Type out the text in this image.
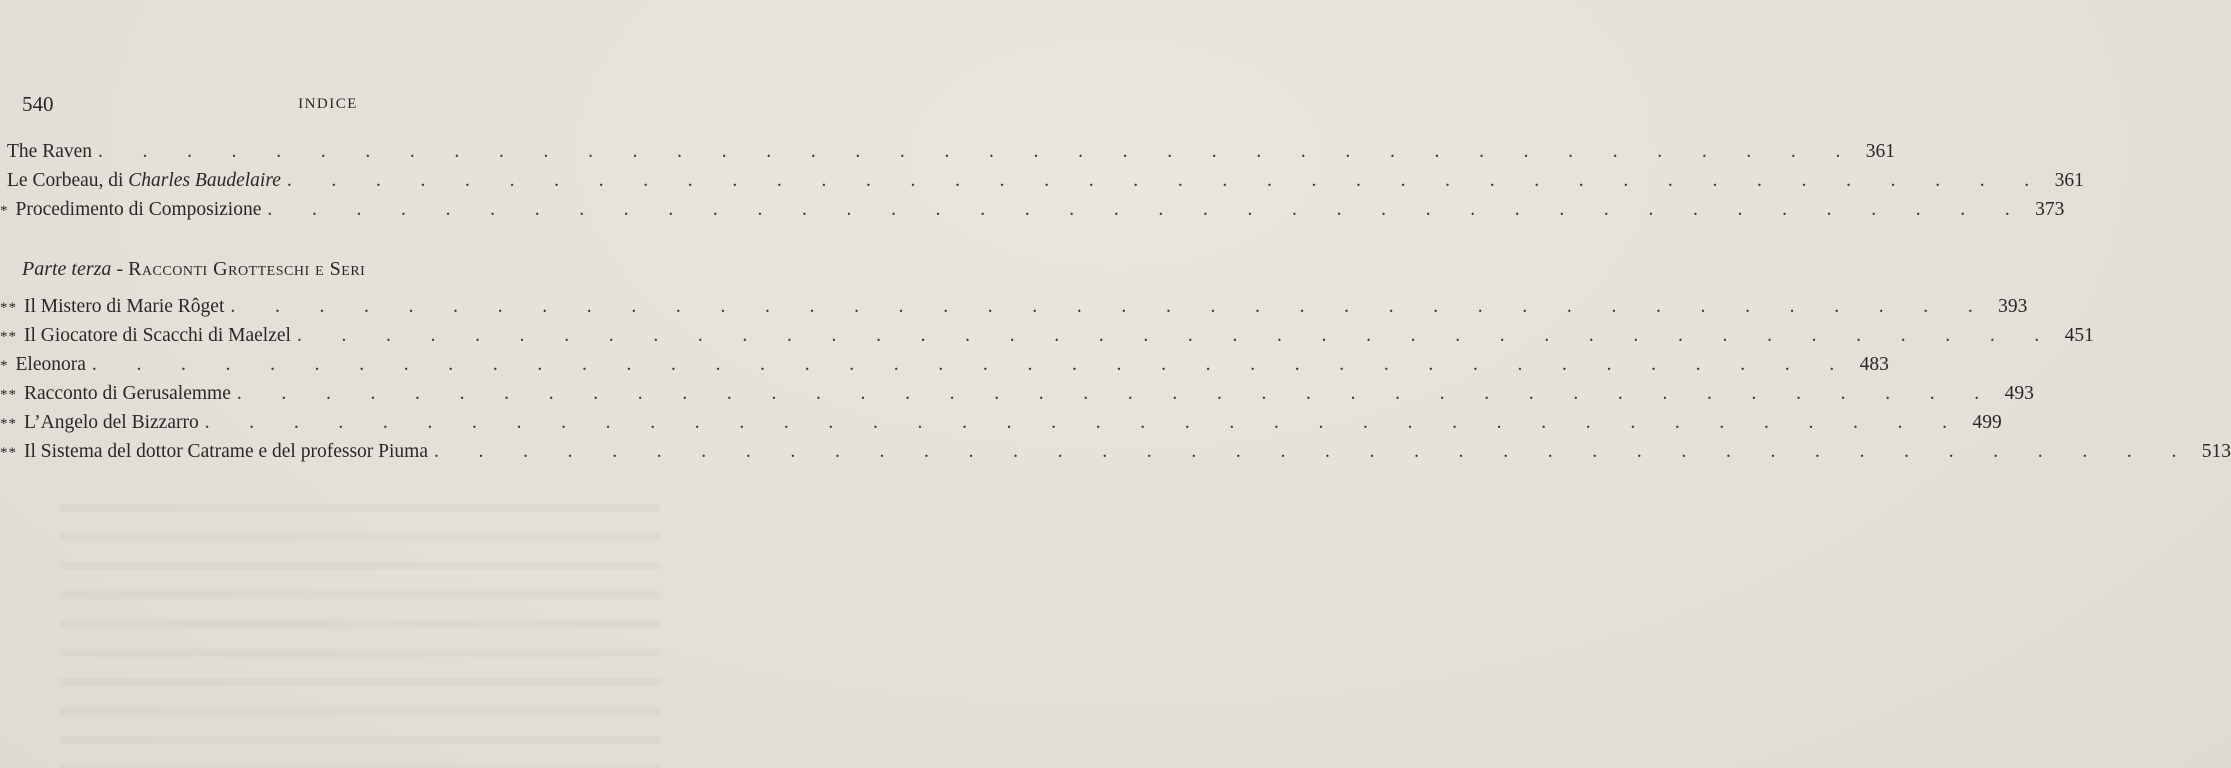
540	INDICE
The Raven . . . . . . . . . . . . . . . . . . . . . . . . . . . . . . . . . . . . . . . . 361
Le Corbeau, di Charles Baudelaire . . . . . . . . . . . . . . . . . . . . . . . . . . . . . . . . . . . . . . . . 361
* Procedimento di Composizione . . . . . . . . . . . . . . . . . . . . . . . . . . . . . . . . . . . . . . . . 373
Parte terza - Racconti Grotteschi e Seri
** Il Mistero di Marie Rôget . . . . . . . . . . . . . . . . . . . . . . . . . . . . . . . . . . . . . . . . 393
** Il Giocatore di Scacchi di Maelzel . . . . . . . . . . . . . . . . . . . . . . . . . . . . . . . . . . . . . . . . 451
* Eleonora . . . . . . . . . . . . . . . . . . . . . . . . . . . . . . . . . . . . . . . . 483
** Racconto di Gerusalemme . . . . . . . . . . . . . . . . . . . . . . . . . . . . . . . . . . . . . . . . 493
** L’Angelo del Bizzarro . . . . . . . . . . . . . . . . . . . . . . . . . . . . . . . . . . . . . . . . 499
** Il Sistema del dottor Catrame e del professor Piuma . . . . . . . . . . . . . . . . . . . . . . . . . . . . . . . . . . . . . . . . 513
